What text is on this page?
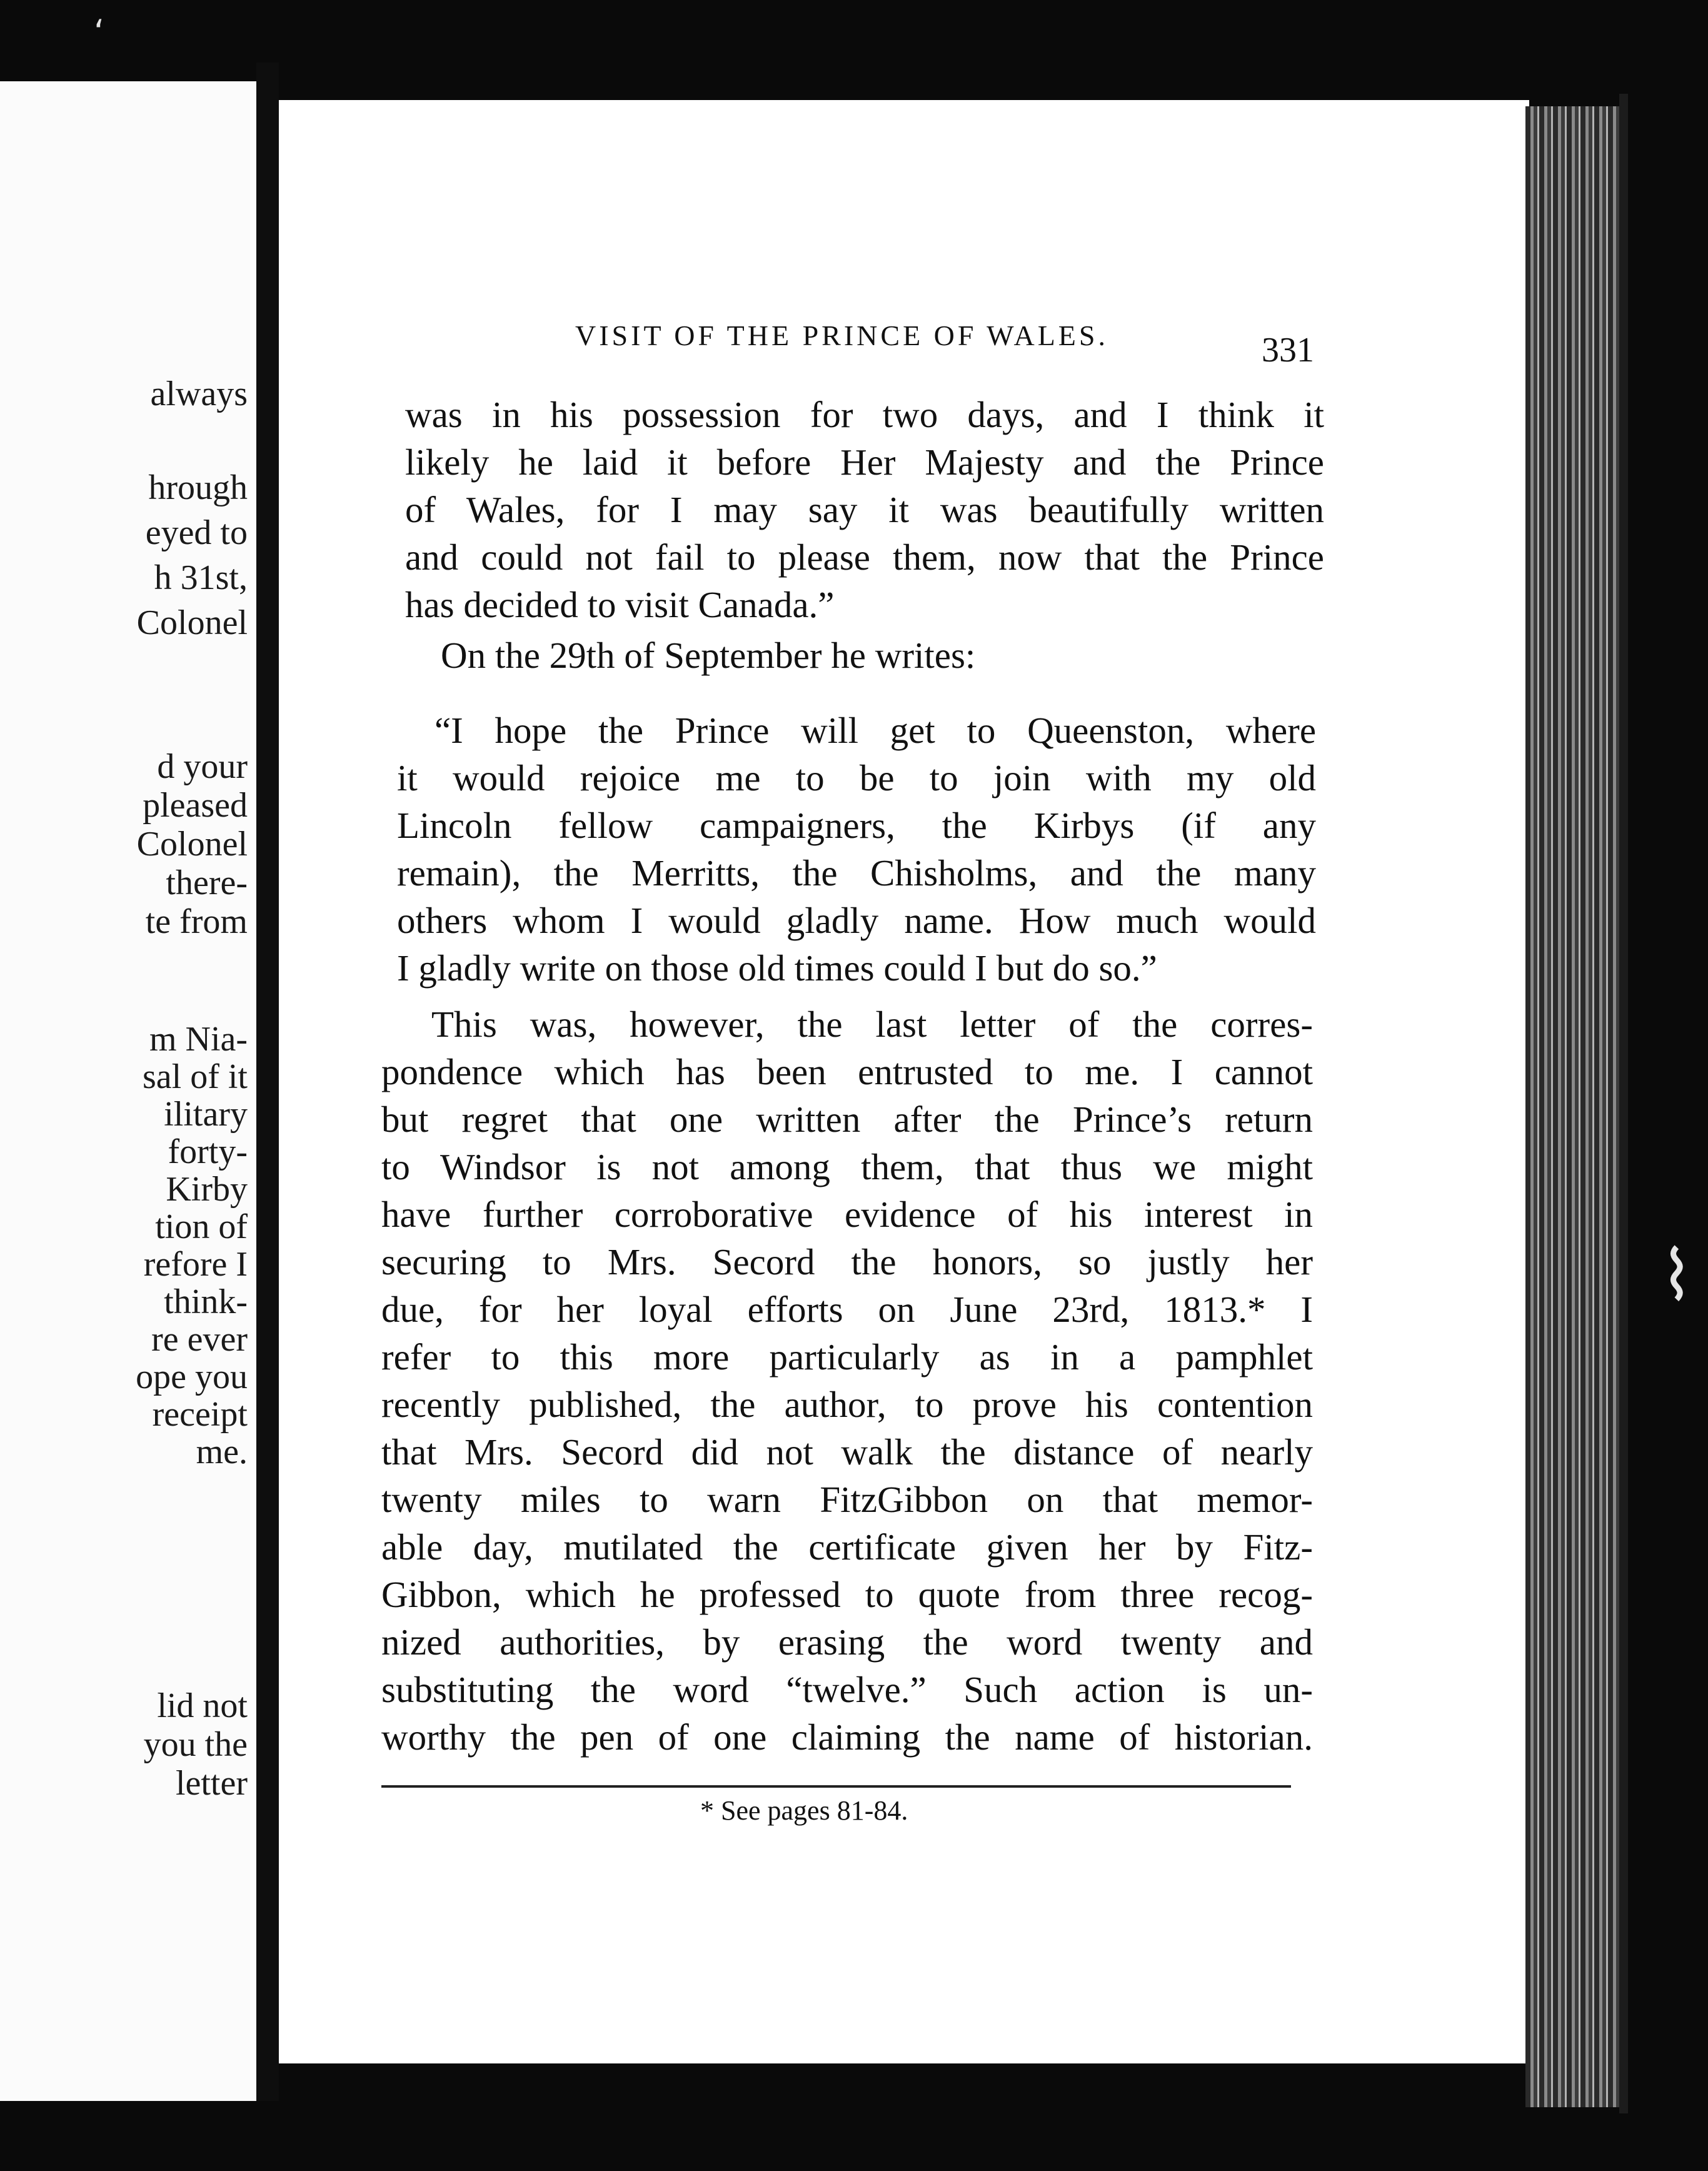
‘
always
hrough
eyed to
h 31st,
Colonel
d your
pleased
Colonel
there-
te from
m Nia-
sal of it
ilitary
forty-
Kirby
tion of
refore I
think-
re ever
ope you
receipt
me.
lid not
you the
letter
⌇
VISIT OF THE PRINCE OF WALES.	331
was in his possession for two days, and I think it
likely he laid it before Her Majesty and the Prince
of Wales, for I may say it was beautifully written
and could not fail to please them, now that the Prince
has decided to visit Canada.”
On the 29th of September he writes:
“I hope the Prince will get to Queenston, where
it would rejoice me to be to join with my old
Lincoln fellow campaigners, the Kirbys (if any
remain), the Merritts, the Chisholms, and the many
others whom I would gladly name. How much would
I gladly write on those old times could I but do so.”
This was, however, the last letter of the corres-
pondence which has been entrusted to me. I cannot
but regret that one written after the Prince’s return
to Windsor is not among them, that thus we might
have further corroborative evidence of his interest in
securing to Mrs. Secord the honors, so justly her
due, for her loyal efforts on June 23rd, 1813.* I
refer to this more particularly as in a pamphlet
recently published, the author, to prove his contention
that Mrs. Secord did not walk the distance of nearly
twenty miles to warn FitzGibbon on that memor-
able day, mutilated the certificate given her by Fitz-
Gibbon, which he professed to quote from three recog-
nized authorities, by erasing the word twenty and
substituting the word “twelve.” Such action is un-
worthy the pen of one claiming the name of historian.
* See pages 81-84.
